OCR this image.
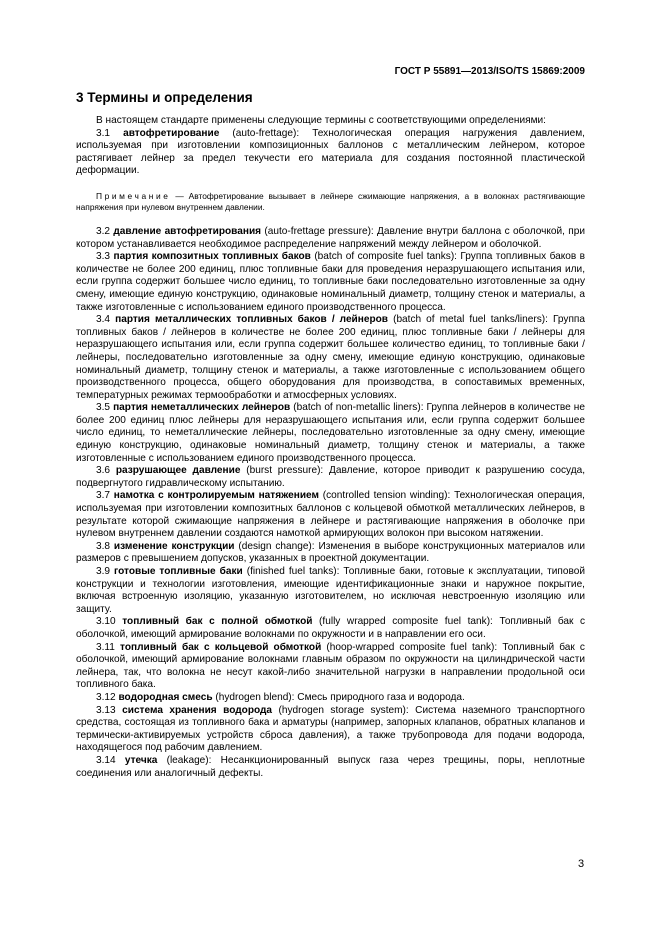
ГОСТ Р 55891—2013/ISO/TS 15869:2009
3 Термины и определения

В настоящем стандарте применены следующие термины с соответствующими определениями:

3.1 автофретирование (auto-frettage): Технологическая операция нагружения давлением, используемая при изготовлении композиционных баллонов с металлическим лейнером, которое растягивает лейнер за предел текучести его материала для создания постоянной пластической деформации.

Примечание — Автофретирование вызывает в лейнере сжимающие напряжения, а в волокнах растягивающие напряжения при нулевом внутреннем давлении.

3.2 давление автофретирования (auto-frettage pressure): Давление внутри баллона с оболочкой, при котором устанавливается необходимое распределение напряжений между лейнером и оболочкой.

3.3 партия композитных топливных баков (batch of composite fuel tanks): Группа топливных баков в количестве не более 200 единиц, плюс топливные баки для проведения неразрушающего испытания или, если группа содержит большее число единиц, то топливные баки последовательно изготовленные за одну смену, имеющие единую конструкцию, одинаковые номинальный диаметр, толщину стенок и материалы, а также изготовленные с использованием единого производственного процесса.

3.4 партия металлических топливных баков / лейнеров (batch of metal fuel tanks/liners): Группа топливных баков / лейнеров в количестве не более 200 единиц, плюс топливные баки / лейнеры для неразрушающего испытания или, если группа содержит большее количество единиц, то топливные баки / лейнеры, последовательно изготовленные за одну смену, имеющие единую конструкцию, одинаковые номинальный диаметр, толщину стенок и материалы, а также изготовленные с использованием общего производственного процесса, общего оборудования для производства, в сопоставимых временных, температурных режимах термообработки и атмосферных условиях.

3.5 партия неметаллических лейнеров (batch of non-metallic liners): Группа лейнеров в количестве не более 200 единиц плюс лейнеры для неразрушающего испытания или, если группа содержит большее число единиц, то неметаллические лейнеры, последовательно изготовленные за одну смену, имеющие единую конструкцию, одинаковые номинальный диаметр, толщину стенок и материалы, а также изготовленные с использованием единого производственного процесса.

3.6 разрушающее давление (burst pressure): Давление, которое приводит к разрушению сосуда, подвергнутого гидравлическому испытанию.

3.7 намотка с контролируемым натяжением (controlled tension winding): Технологическая операция, используемая при изготовлении композитных баллонов с кольцевой обмоткой металлических лейнеров, в результате которой сжимающие напряжения в лейнере и растягивающие напряжения в оболочке при нулевом внутреннем давлении создаются намоткой армирующих волокон при высоком натяжении.

3.8 изменение конструкции (design change): Изменения в выборе конструкционных материалов или размеров с превышением допусков, указанных в проектной документации.

3.9 готовые топливные баки (finished fuel tanks): Топливные баки, готовые к эксплуатации, типовой конструкции и технологии изготовления, имеющие идентификационные знаки и наружное покрытие, включая встроенную изоляцию, указанную изготовителем, но исключая невстроенную изоляцию или защиту.

3.10 топливный бак с полной обмоткой (fully wrapped composite fuel tank): Топливный бак с оболочкой, имеющий армирование волокнами по окружности и в направлении его оси.

3.11 топливный бак с кольцевой обмоткой (hoop-wrapped composite fuel tank): Топливный бак с оболочкой, имеющий армирование волокнами главным образом по окружности на цилиндрической части лейнера, так, что волокна не несут какой-либо значительной нагрузки в направлении продольной оси топливного бака.

3.12 водородная смесь (hydrogen blend): Смесь природного газа и водорода.

3.13 система хранения водорода (hydrogen storage system): Система наземного транспортного средства, состоящая из топливного бака и арматуры (например, запорных клапанов, обратных клапанов и термически-активируемых устройств сброса давления), а также трубопровода для подачи водорода, находящегося под рабочим давлением.

3.14 утечка (leakage): Несанкционированный выпуск газа через трещины, поры, неплотные соединения или аналогичный дефекты.

3
